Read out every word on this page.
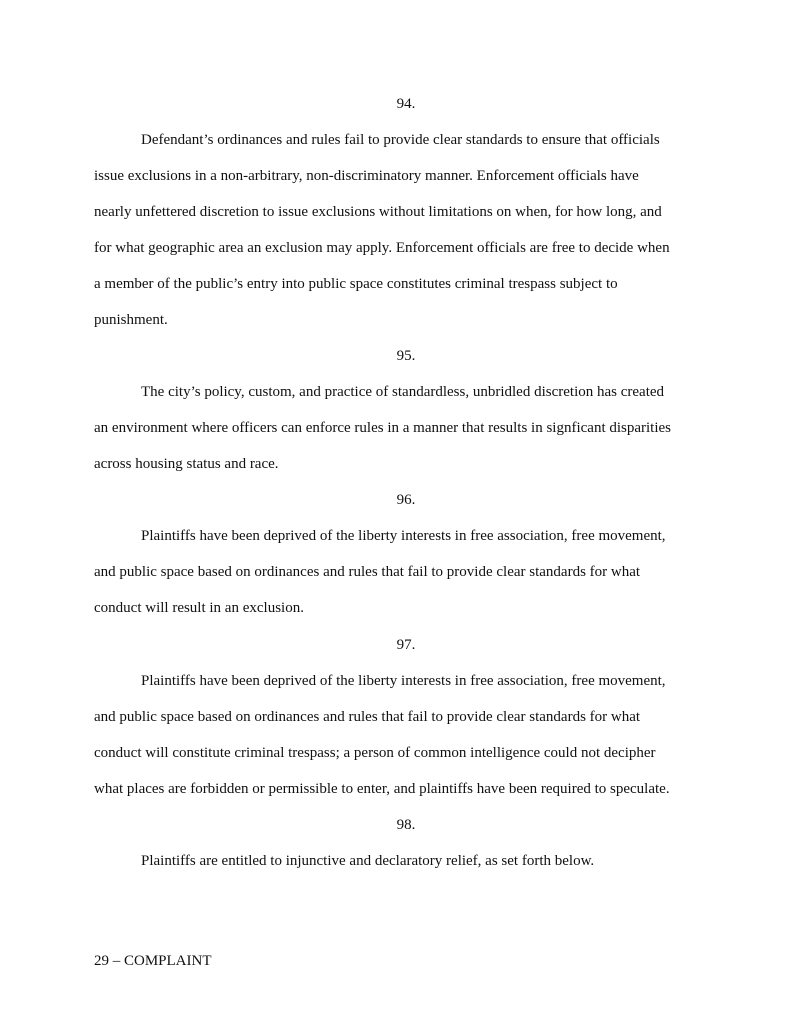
94.
Defendant’s ordinances and rules fail to provide clear standards to ensure that officials
issue exclusions in a non-arbitrary, non-discriminatory manner. Enforcement officials have
nearly unfettered discretion to issue exclusions without limitations on when, for how long, and
for what geographic area an exclusion may apply. Enforcement officials are free to decide when
a member of the public’s entry into public space constitutes criminal trespass subject to
punishment.
95.
The city’s policy, custom, and practice of standardless, unbridled discretion has created
an environment where officers can enforce rules in a manner that results in signficant disparities
across housing status and race.
96.
Plaintiffs have been deprived of the liberty interests in free association, free movement,
and public space based on ordinances and rules that fail to provide clear standards for what
conduct will result in an exclusion.
97.
Plaintiffs have been deprived of the liberty interests in free association, free movement,
and public space based on ordinances and rules that fail to provide clear standards for what
conduct will constitute criminal trespass; a person of common intelligence could not decipher
what places are forbidden or permissible to enter, and plaintiffs have been required to speculate.
98.
Plaintiffs are entitled to injunctive and declaratory relief, as set forth below.
29 – COMPLAINT
